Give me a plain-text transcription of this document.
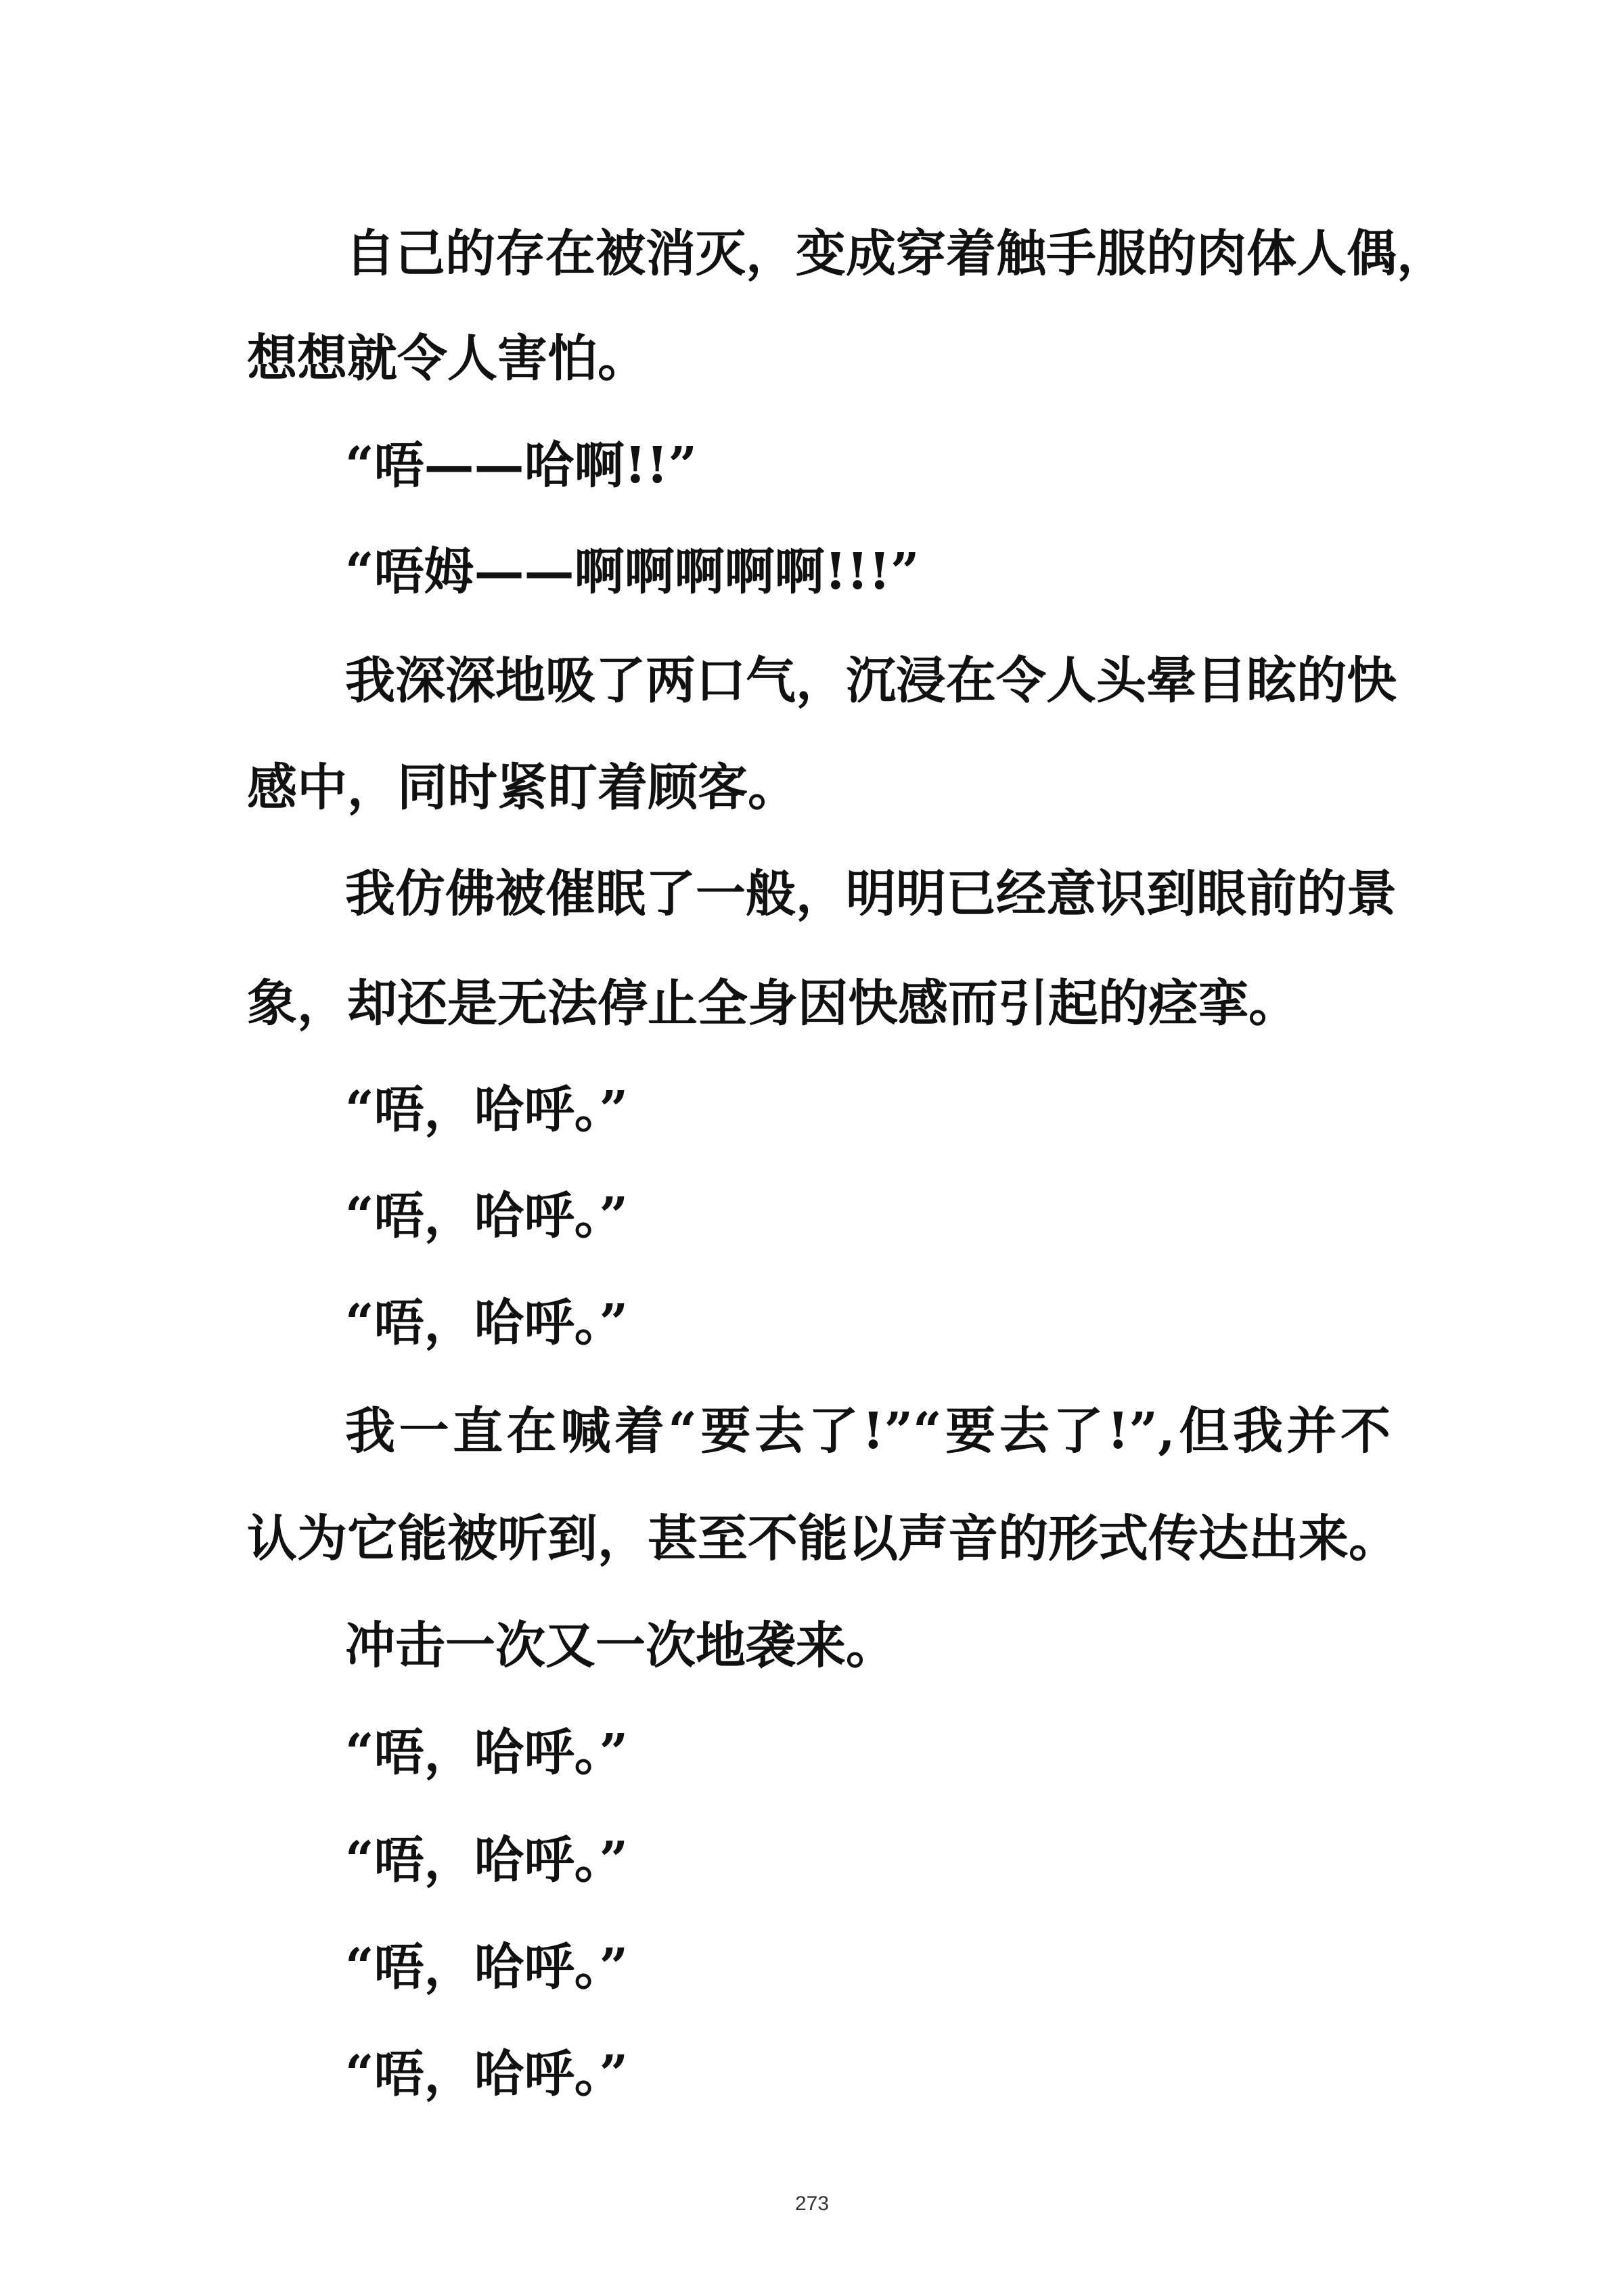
自己的存在被消灭，变成穿着触手服的肉体人偶，
想想就令人害怕。
“唔——哈啊!!”
“唔姆——啊啊啊啊啊!!!”
我深深地吸了两口气，沉浸在令人头晕目眩的快
感中，同时紧盯着顾客。
我仿佛被催眠了一般，明明已经意识到眼前的景
象，却还是无法停止全身因快感而引起的痉挛。
“唔，哈呼。”
“唔，哈呼。”
“唔，哈呼。”
我一直在喊着“要去了!”“要去了!”,但我并不
认为它能被听到，甚至不能以声音的形式传达出来。
冲击一次又一次地袭来。
“唔，哈呼。”
“唔，哈呼。”
“唔，哈呼。”
“唔，哈呼。”
273
